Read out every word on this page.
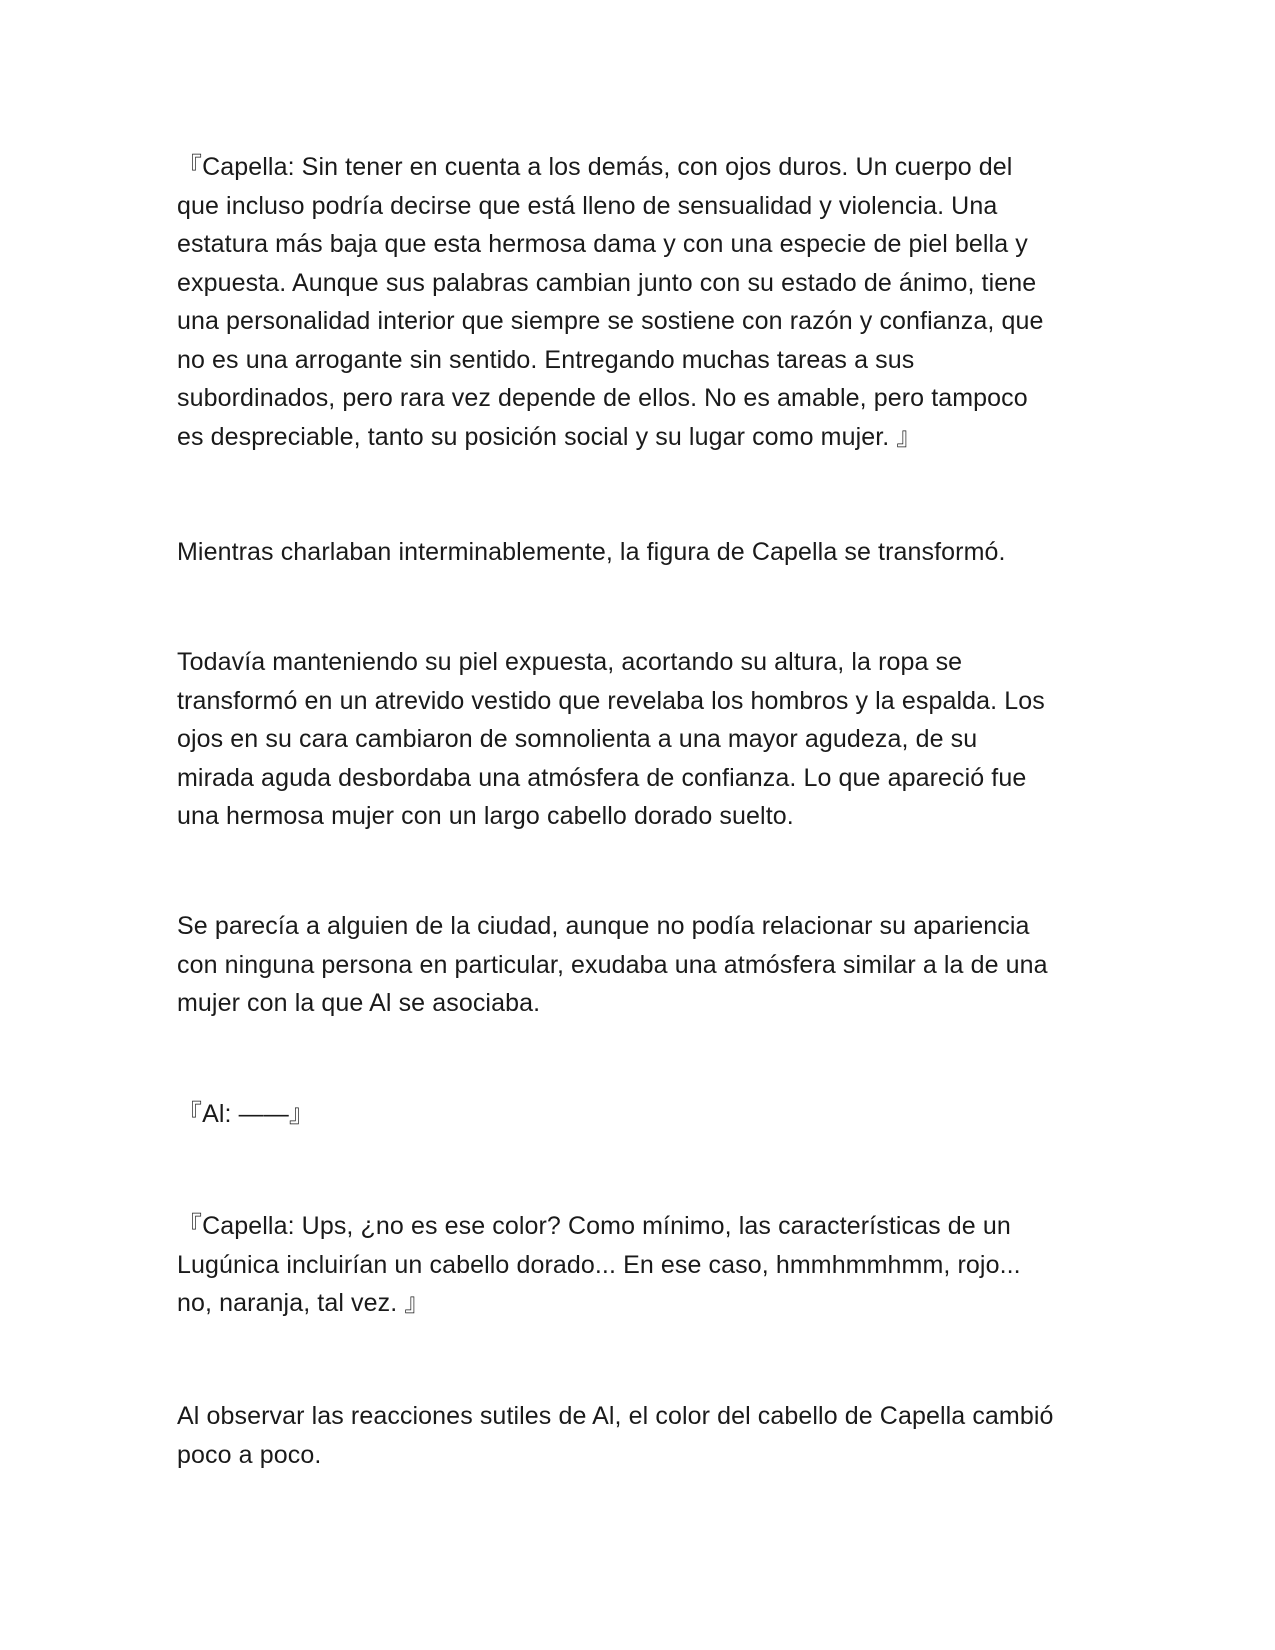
『Capella: Sin tener en cuenta a los demás, con ojos duros. Un cuerpo del
que incluso podría decirse que está lleno de sensualidad y violencia. Una
estatura más baja que esta hermosa dama y con una especie de piel bella y
expuesta. Aunque sus palabras cambian junto con su estado de ánimo, tiene
una personalidad interior que siempre se sostiene con razón y confianza, que
no es una arrogante sin sentido. Entregando muchas tareas a sus
subordinados, pero rara vez depende de ellos. No es amable, pero tampoco
es despreciable, tanto su posición social y su lugar como mujer. 』

Mientras charlaban interminablemente, la figura de Capella se transformó.

Todavía manteniendo su piel expuesta, acortando su altura, la ropa se
transformó en un atrevido vestido que revelaba los hombros y la espalda. Los
ojos en su cara cambiaron de somnolienta a una mayor agudeza, de su
mirada aguda desbordaba una atmósfera de confianza. Lo que apareció fue
una hermosa mujer con un largo cabello dorado suelto.

Se parecía a alguien de la ciudad, aunque no podía relacionar su apariencia
con ninguna persona en particular, exudaba una atmósfera similar a la de una
mujer con la que Al se asociaba.

『Al: ——』

『Capella: Ups, ¿no es ese color? Como mínimo, las características de un
Lugúnica incluirían un cabello dorado... En ese caso, hmmhmmhmm, rojo...
no, naranja, tal vez. 』

Al observar las reacciones sutiles de Al, el color del cabello de Capella cambió
poco a poco.
